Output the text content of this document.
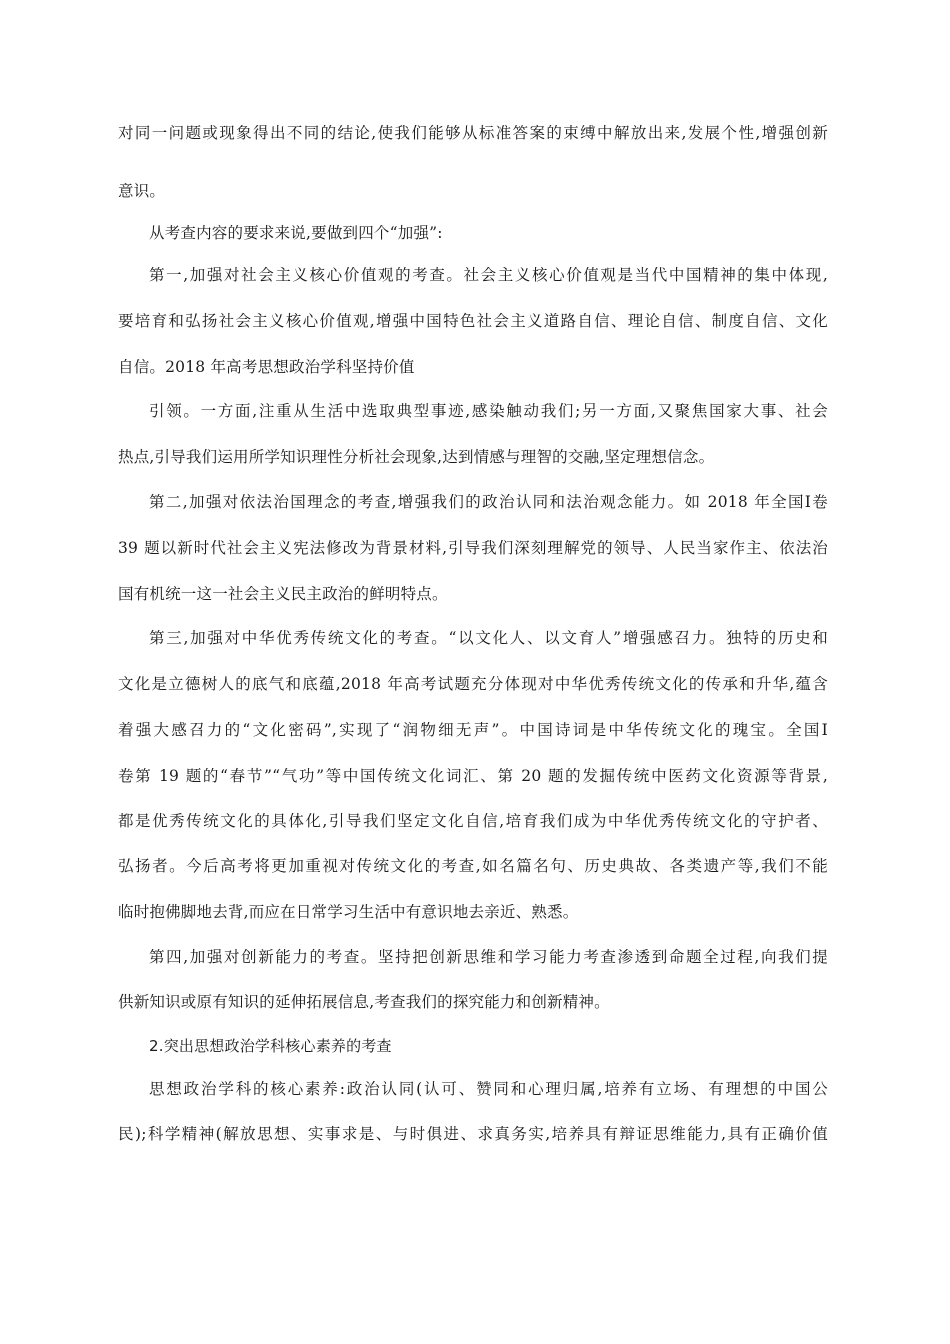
对同一问题或现象得出不同的结论,使我们能够从标准答案的束缚中解放出来,发展个性,增强创新
意识。
从考查内容的要求来说,要做到四个“加强”:
第一,加强对社会主义核心价值观的考查。社会主义核心价值观是当代中国精神的集中体现,
要培育和弘扬社会主义核心价值观,增强中国特色社会主义道路自信、理论自信、制度自信、文化
自信。2018 年高考思想政治学科坚持价值
引领。一方面,注重从生活中选取典型事迹,感染触动我们;另一方面,又聚焦国家大事、社会
热点,引导我们运用所学知识理性分析社会现象,达到情感与理智的交融,坚定理想信念。
第二,加强对依法治国理念的考查,增强我们的政治认同和法治观念能力。如 2018 年全国Ⅰ卷
39 题以新时代社会主义宪法修改为背景材料,引导我们深刻理解党的领导、人民当家作主、依法治
国有机统一这一社会主义民主政治的鲜明特点。
第三,加强对中华优秀传统文化的考查。“以文化人、以文育人”增强感召力。独特的历史和
文化是立德树人的底气和底蕴,2018 年高考试题充分体现对中华优秀传统文化的传承和升华,蕴含
着强大感召力的“文化密码”,实现了“润物细无声”。中国诗词是中华传统文化的瑰宝。全国Ⅰ
卷第 19 题的“春节”“气功”等中国传统文化词汇、第 20 题的发掘传统中医药文化资源等背景,
都是优秀传统文化的具体化,引导我们坚定文化自信,培育我们成为中华优秀传统文化的守护者、
弘扬者。今后高考将更加重视对传统文化的考查,如名篇名句、历史典故、各类遗产等,我们不能
临时抱佛脚地去背,而应在日常学习生活中有意识地去亲近、熟悉。
第四,加强对创新能力的考查。坚持把创新思维和学习能力考查渗透到命题全过程,向我们提
供新知识或原有知识的延伸拓展信息,考查我们的探究能力和创新精神。
2.突出思想政治学科核心素养的考查
思想政治学科的核心素养:政治认同(认可、赞同和心理归属,培养有立场、有理想的中国公
民);科学精神(解放思想、实事求是、与时俱进、求真务实,培养具有辩证思维能力,具有正确价值
